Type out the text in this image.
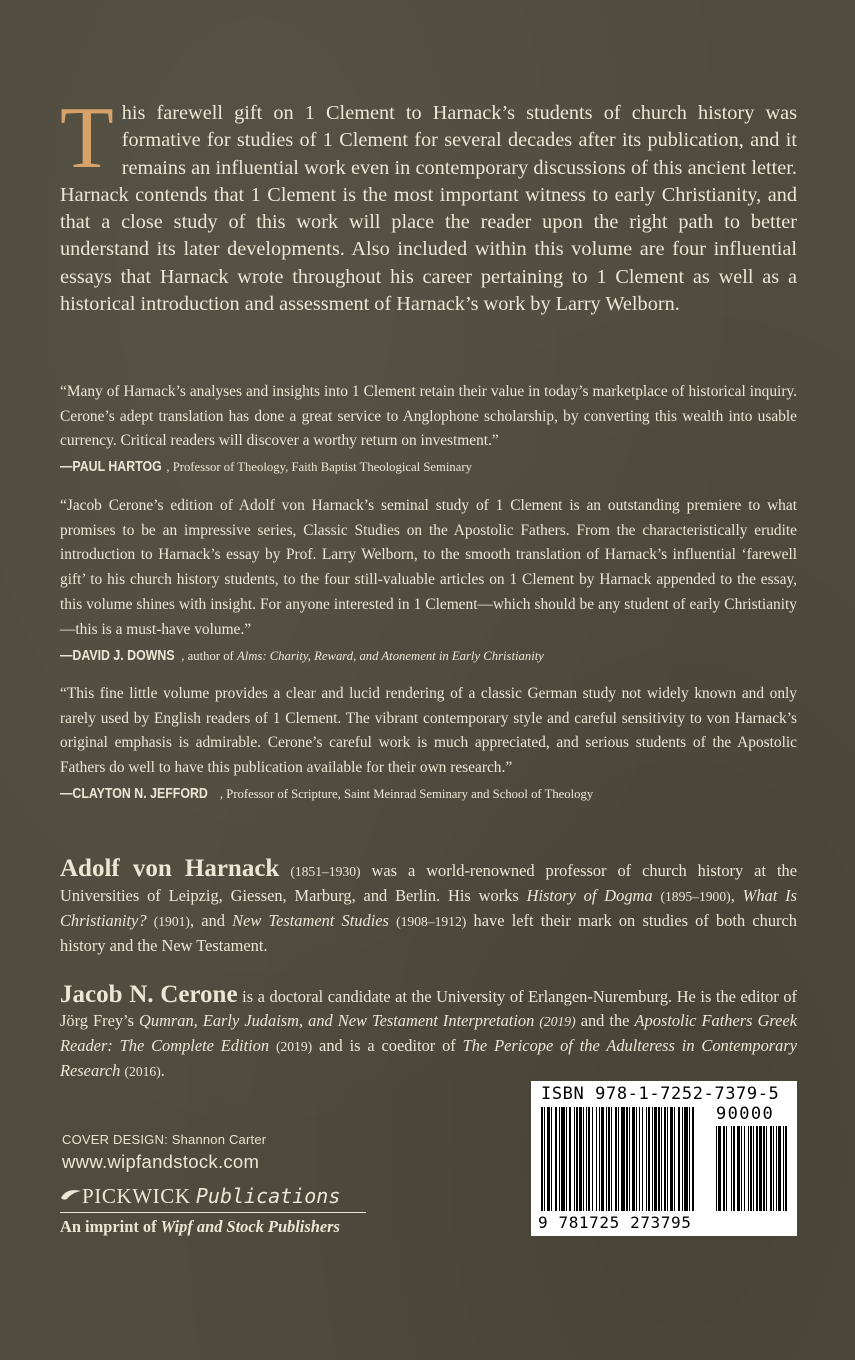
This farewell gift on 1 Clement to Harnack’s students of church history was formative for studies of 1 Clement for several decades after its publication, and it remains an influential work even in contemporary discussions of this ancient letter. Harnack contends that 1 Clement is the most important witness to early Christianity, and that a close study of this work will place the reader upon the right path to better understand its later developments. Also included within this volume are four influential essays that Harnack wrote throughout his career pertaining to 1 Clement as well as a historical introduction and assessment of Harnack’s work by Larry Welborn.

“Many of Harnack’s analyses and insights into 1 Clement retain their value in today’s marketplace of historical inquiry. Cerone’s adept translation has done a great service to Anglophone scholarship, by converting this wealth into usable currency. Critical readers will discover a worthy return on investment.”

—PAUL HARTOG , Professor of Theology, Faith Baptist Theological Seminary

“Jacob Cerone’s edition of Adolf von Harnack’s seminal study of 1 Clement is an outstanding premiere to what promises to be an impressive series, Classic Studies on the Apostolic Fathers. From the characteristically erudite introduction to Harnack’s essay by Prof. Larry Welborn, to the smooth translation of Harnack’s influential ‘farewell gift’ to his church history students, to the four still-valuable articles on 1 Clement by Harnack appended to the essay, this volume shines with insight. For anyone interested in 1 Clement—which should be any student of early Christianity—this is a must-have volume.”

—DAVID J. DOWNS , author of Alms: Charity, Reward, and Atonement in Early Christianity

“This fine little volume provides a clear and lucid rendering of a classic German study not widely known and only rarely used by English readers of 1 Clement. The vibrant contemporary style and careful sensitivity to von Harnack’s original emphasis is admirable. Cerone’s careful work is much appreciated, and serious students of the Apostolic Fathers do well to have this publication available for their own research.”

—CLAYTON N. JEFFORD , Professor of Scripture, Saint Meinrad Seminary and School of Theology

Adolf von Harnack (1851–1930) was a world-renowned professor of church history at the Universities of Leipzig, Giessen, Marburg, and Berlin. His works History of Dogma (1895–1900), What Is Christianity? (1901), and New Testament Studies (1908–1912) have left their mark on studies of both church history and the New Testament.

Jacob N. Cerone is a doctoral candidate at the University of Erlangen-Nuremburg. He is the editor of Jörg Frey’s Qumran, Early Judaism, and New Testament Interpretation (2019) and the Apostolic Fathers Greek Reader: The Complete Edition (2019) and is a coeditor of The Pericope of the Adulteress in Contemporary Research (2016).

COVER DESIGN: Shannon Carter
www.wipfandstock.com
PICKWICK Publications
An imprint of Wipf and Stock Publishers
ISBN 978-1-7252-7379-5
90000
9 781725 273795
